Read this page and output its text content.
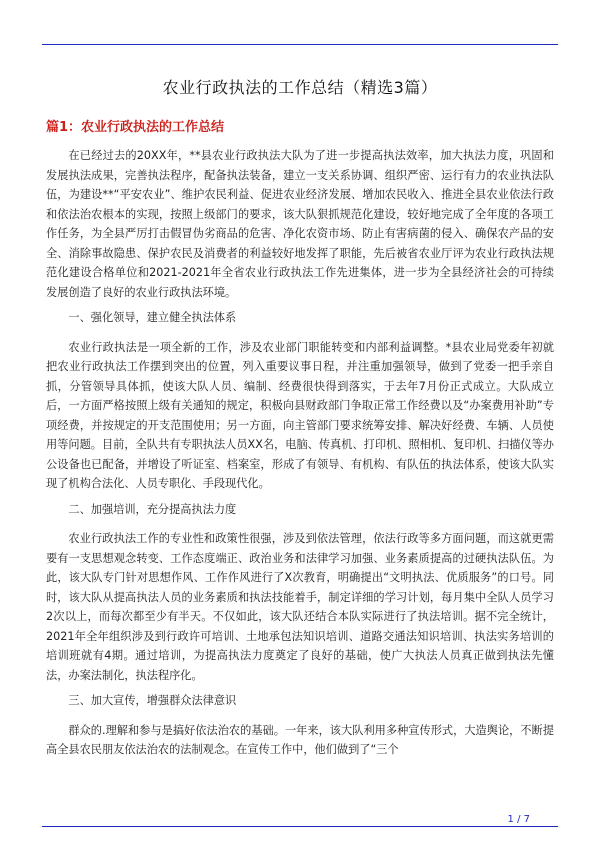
农业行政执法的工作总结（精选3篇）
篇1：农业行政执法的工作总结

在已经过去的20XX年，**县农业行政执法大队为了进一步提高执法效率，加大执法力度，巩固和发展执法成果，完善执法程序，配备执法装备，建立一支关系协调、组织严密、运行有力的农业执法队伍，为建设**“平安农业”、维护农民利益、促进农业经济发展、增加农民收入、推进全县农业依法行政和依法治农根本的实现，按照上级部门的要求，该大队狠抓规范化建设，较好地完成了全年度的各项工作任务，为全县严厉打击假冒伪劣商品的危害、净化农资市场、防止有害病菌的侵入、确保农产品的安全、消除事故隐患、保护农民及消费者的利益较好地发挥了职能，先后被省农业厅评为农业行政执法规范化建设合格单位和2021-2021年全省农业行政执法工作先进集体，进一步为全县经济社会的可持续发展创造了良好的农业行政执法环境。

一、强化领导，建立健全执法体系

农业行政执法是一项全新的工作，涉及农业部门职能转变和内部利益调整。*县农业局党委年初就把农业行政执法工作摆到突出的位置，列入重要议事日程，并注重加强领导，做到了党委一把手亲自抓，分管领导具体抓，使该大队人员、编制、经费很快得到落实，于去年7月份正式成立。大队成立后，一方面严格按照上级有关通知的规定，积极向县财政部门争取正常工作经费以及“办案费用补助”专项经费，并按规定的开支范围使用；另一方面，向主管部门要求统筹安排、解决好经费、车辆、人员使用等问题。目前，全队共有专职执法人员XX名，电脑、传真机、打印机、照相机、复印机、扫描仪等办公设备也已配备，并增设了听证室、档案室，形成了有领导、有机构、有队伍的执法体系，使该大队实现了机构合法化、人员专职化、手段现代化。

二、加强培训，充分提高执法力度

农业行政执法工作的专业性和政策性很强，涉及到依法管理，依法行政等多方面问题，而这就更需要有一支思想观念转变、工作态度端正、政治业务和法律学习加强、业务素质提高的过硬执法队伍。为此，该大队专门针对思想作风、工作作风进行了X次教育，明确提出“文明执法、优质服务”的口号。同时，该大队从提高执法人员的业务素质和执法技能着手，制定详细的学习计划，每月集中全队人员学习2次以上，而每次都至少有半天。不仅如此，该大队还结合本队实际进行了执法培训。据不完全统计，2021年全年组织涉及到行政许可培训、土地承包法知识培训、道路交通法知识培训、执法实务培训的培训班就有4期。通过培训，为提高执法力度奠定了良好的基础，使广大执法人员真正做到执法先懂法，办案法制化，执法程序化。

三、加大宣传，增强群众法律意识

群众的.理解和参与是搞好依法治农的基础。一年来，该大队利用多种宣传形式，大造舆论，不断提高全县农民朋友依法治农的法制观念。在宣传工作中，他们做到了“三个

1 / 7
